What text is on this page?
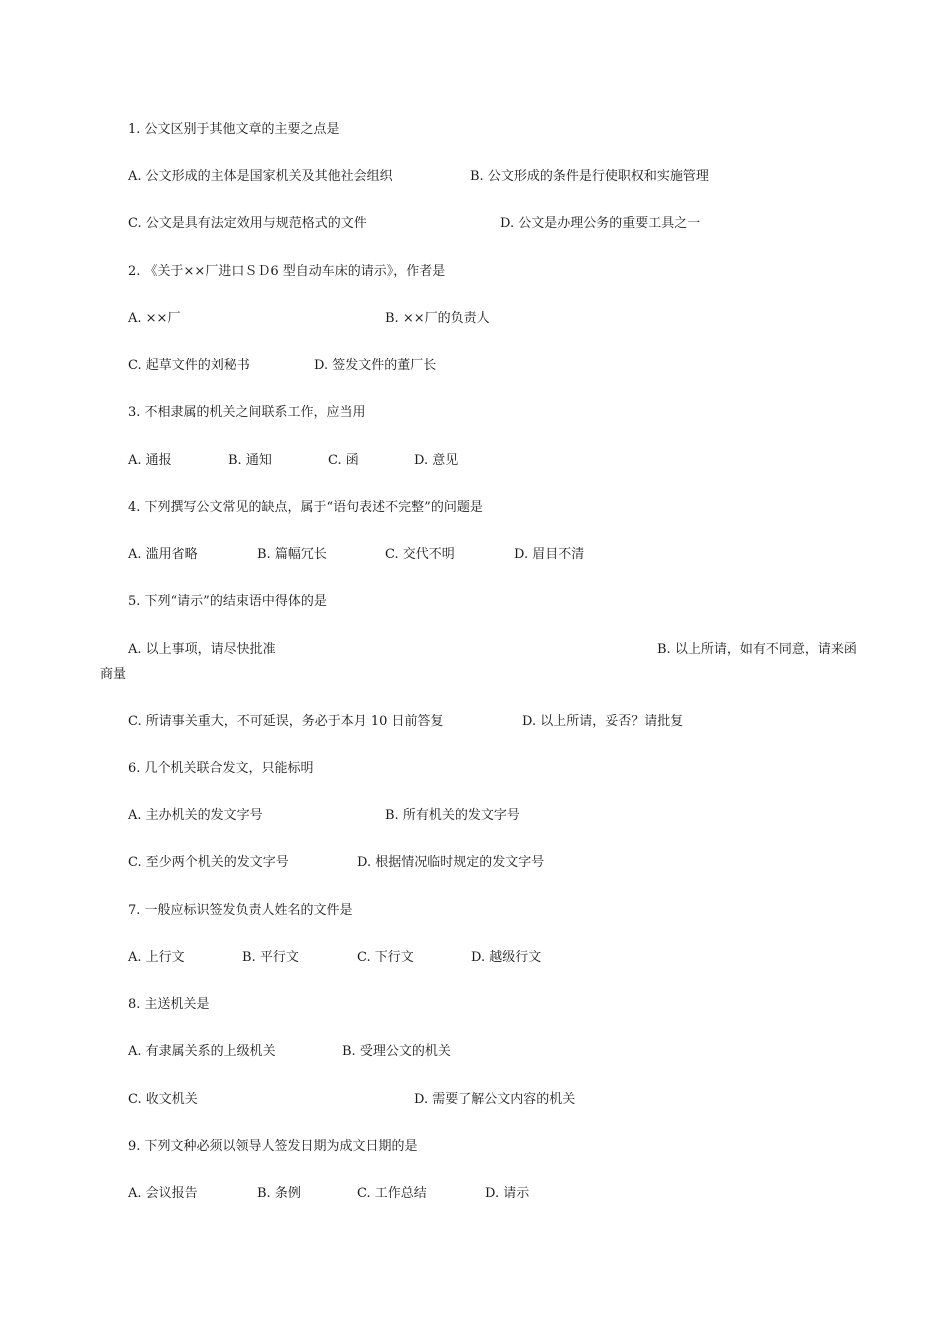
1. 公文区别于其他文章的主要之点是
A. 公文形成的主体是国家机关及其他社会组织	B. 公文形成的条件是行使职权和实施管理
C. 公文是具有法定效用与规范格式的文件	D. 公文是办理公务的重要工具之一
2. 《关于××厂进口ＳＤ6 型自动车床的请示》，作者是
A. ××厂	B. ××厂的负责人
C. 起草文件的刘秘书	D. 签发文件的董厂长
3. 不相隶属的机关之间联系工作，应当用
A. 通报	B. 通知	C. 函	D. 意见
4. 下列撰写公文常见的缺点，属于“语句表述不完整”的问题是
A. 滥用省略	B. 篇幅冗长	C. 交代不明	D. 眉目不清
5. 下列“请示”的结束语中得体的是
A. 以上事项，请尽快批准	B. 以上所请，如有不同意，请来函
商量
C. 所请事关重大，不可延误，务必于本月 10 日前答复	D. 以上所请，妥否？请批复
6. 几个机关联合发文，只能标明
A. 主办机关的发文字号	B. 所有机关的发文字号
C. 至少两个机关的发文字号	D. 根据情况临时规定的发文字号
7. 一般应标识签发负责人姓名的文件是
A. 上行文	B. 平行文	C. 下行文	D. 越级行文
8. 主送机关是
A. 有隶属关系的上级机关	B. 受理公文的机关
C. 收文机关	D. 需要了解公文内容的机关
9. 下列文种必须以领导人签发日期为成文日期的是
A. 会议报告	B. 条例	C. 工作总结	D. 请示
